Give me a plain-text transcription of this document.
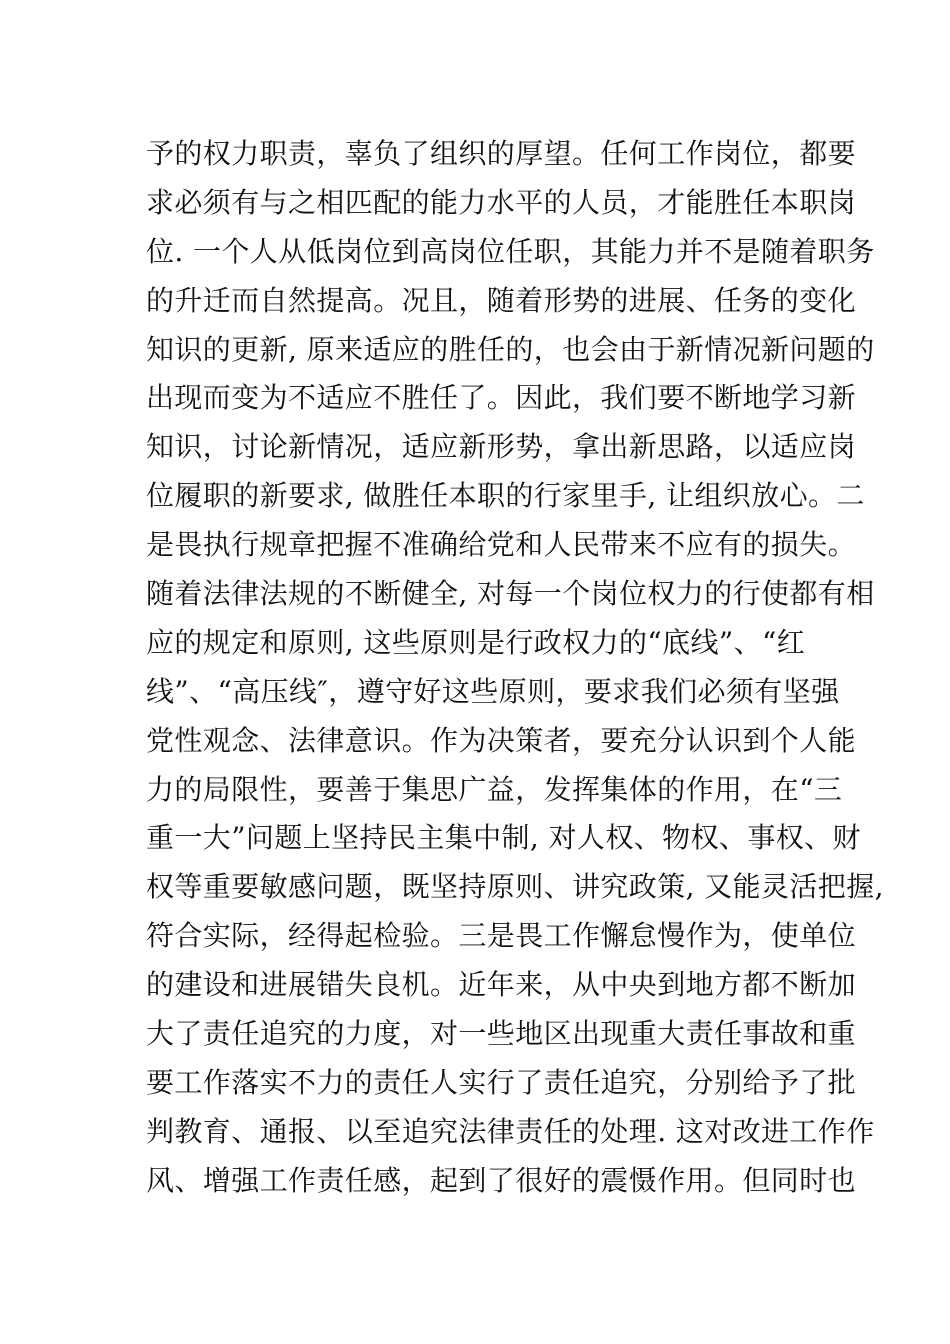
予的权力职责，辜负了组织的厚望。任何工作岗位，都要
求必须有与之相匹配的能力水平的人员，才能胜任本职岗
位. 一个人从低岗位到高岗位任职，其能力并不是随着职务
的升迁而自然提高。况且，随着形势的进展、任务的变化
知识的更新, 原来适应的胜任的，也会由于新情况新问题的
出现而变为不适应不胜任了。因此，我们要不断地学习新
知识，讨论新情况，适应新形势，拿出新思路，以适应岗
位履职的新要求, 做胜任本职的行家里手, 让组织放心。二
是畏执行规章把握不准确给党和人民带来不应有的损失。
随着法律法规的不断健全, 对每一个岗位权力的行使都有相
应的规定和原则, 这些原则是行政权力的“底线”、“红
线”、“高压线″，遵守好这些原则，要求我们必须有坚强
党性观念、法律意识。作为决策者，要充分认识到个人能
力的局限性，要善于集思广益，发挥集体的作用，在“三
重一大”问题上坚持民主集中制, 对人权、物权、事权、财
权等重要敏感问题，既坚持原则、讲究政策, 又能灵活把握,
符合实际，经得起检验。三是畏工作懈怠慢作为，使单位
的建设和进展错失良机。近年来，从中央到地方都不断加
大了责任追究的力度，对一些地区出现重大责任事故和重
要工作落实不力的责任人实行了责任追究，分别给予了批
判教育、通报、以至追究法律责任的处理. 这对改进工作作
风、增强工作责任感，起到了很好的震慑作用。但同时也
